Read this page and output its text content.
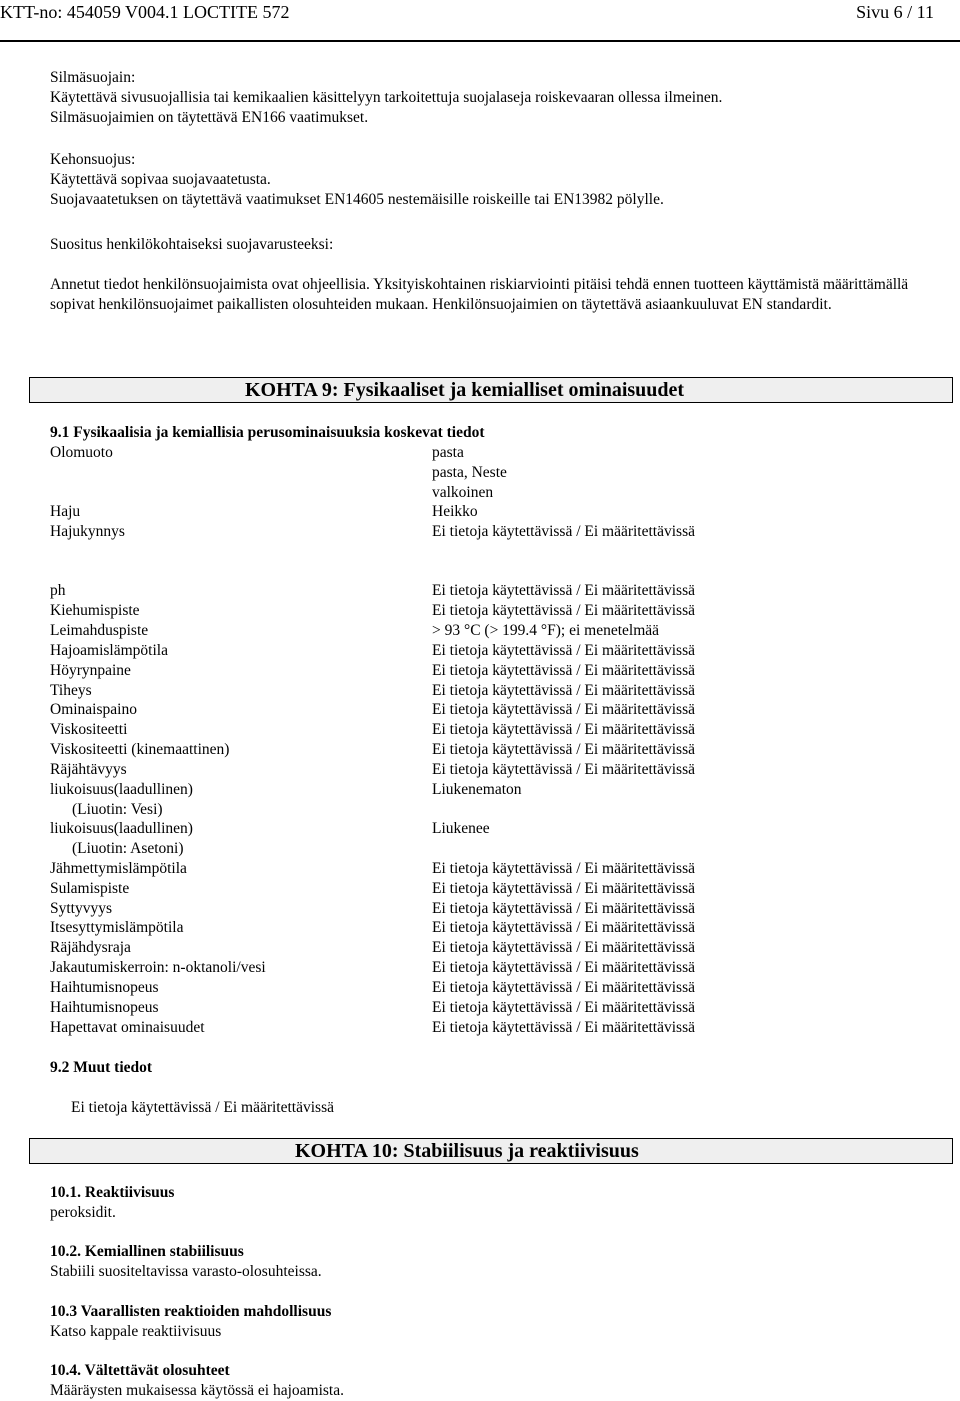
KTT-no: 454059 V004.1 LOCTITE 572	Sivu 6 / 11
Silmäsuojain:
Käytettävä sivusuojallisia tai kemikaalien käsittelyyn tarkoitettuja suojalaseja roiskevaaran ollessa ilmeinen.
Silmäsuojaimien on täytettävä EN166 vaatimukset.
Kehonsuojus:
Käytettävä sopivaa suojavaatetusta.
Suojavaatetuksen on täytettävä vaatimukset EN14605 nestemäisille roiskeille tai EN13982 pölylle.
Suositus henkilökohtaiseksi suojavarusteeksi:
Annetut tiedot henkilönsuojaimista ovat ohjeellisia. Yksityiskohtainen riskiarviointi pitäisi tehdä ennen tuotteen käyttämistä määrittämällä sopivat henkilönsuojaimet paikallisten olosuhteiden mukaan. Henkilönsuojaimien on täytettävä asiaankuuluvat EN standardit.
KOHTA 9: Fysikaaliset ja kemialliset ominaisuudet
9.1 Fysikaalisia ja kemiallisia perusominaisuuksia koskevat tiedot
Olomuoto	pasta
pasta, Neste
valkoinen
Haju	Heikko
Hajukynnys	Ei tietoja käytettävissä / Ei määritettävissä
ph	Ei tietoja käytettävissä / Ei määritettävissä
Kiehumispiste	Ei tietoja käytettävissä / Ei määritettävissä
Leimahduspiste	> 93 °C (> 199.4 °F); ei menetelmää
Hajoamislämpötila	Ei tietoja käytettävissä / Ei määritettävissä
Höyrynpaine	Ei tietoja käytettävissä / Ei määritettävissä
Tiheys	Ei tietoja käytettävissä / Ei määritettävissä
Ominaispaino	Ei tietoja käytettävissä / Ei määritettävissä
Viskositeetti	Ei tietoja käytettävissä / Ei määritettävissä
Viskositeetti (kinemaattinen)	Ei tietoja käytettävissä / Ei määritettävissä
Räjähtävyys	Ei tietoja käytettävissä / Ei määritettävissä
liukoisuus(laadullinen)	Liukenematon
(Liuotin: Vesi)
liukoisuus(laadullinen)	Liukenee
(Liuotin: Asetoni)
Jähmettymislämpötila	Ei tietoja käytettävissä / Ei määritettävissä
Sulamispiste	Ei tietoja käytettävissä / Ei määritettävissä
Syttyvyys	Ei tietoja käytettävissä / Ei määritettävissä
Itsesyttymislämpötila	Ei tietoja käytettävissä / Ei määritettävissä
Räjähdysraja	Ei tietoja käytettävissä / Ei määritettävissä
Jakautumiskerroin: n-oktanoli/vesi	Ei tietoja käytettävissä / Ei määritettävissä
Haihtumisnopeus	Ei tietoja käytettävissä / Ei määritettävissä
Haihtumisnopeus	Ei tietoja käytettävissä / Ei määritettävissä
Hapettavat ominaisuudet	Ei tietoja käytettävissä / Ei määritettävissä
9.2 Muut tiedot
Ei tietoja käytettävissä / Ei määritettävissä
KOHTA 10: Stabiilisuus ja reaktiivisuus
10.1. Reaktiivisuus
peroksidit.
10.2. Kemiallinen stabiilisuus
Stabiili suositeltavissa varasto-olosuhteissa.
10.3 Vaarallisten reaktioiden mahdollisuus
Katso kappale reaktiivisuus
10.4. Vältettävät olosuhteet
Määräysten mukaisessa käytössä ei hajoamista.
